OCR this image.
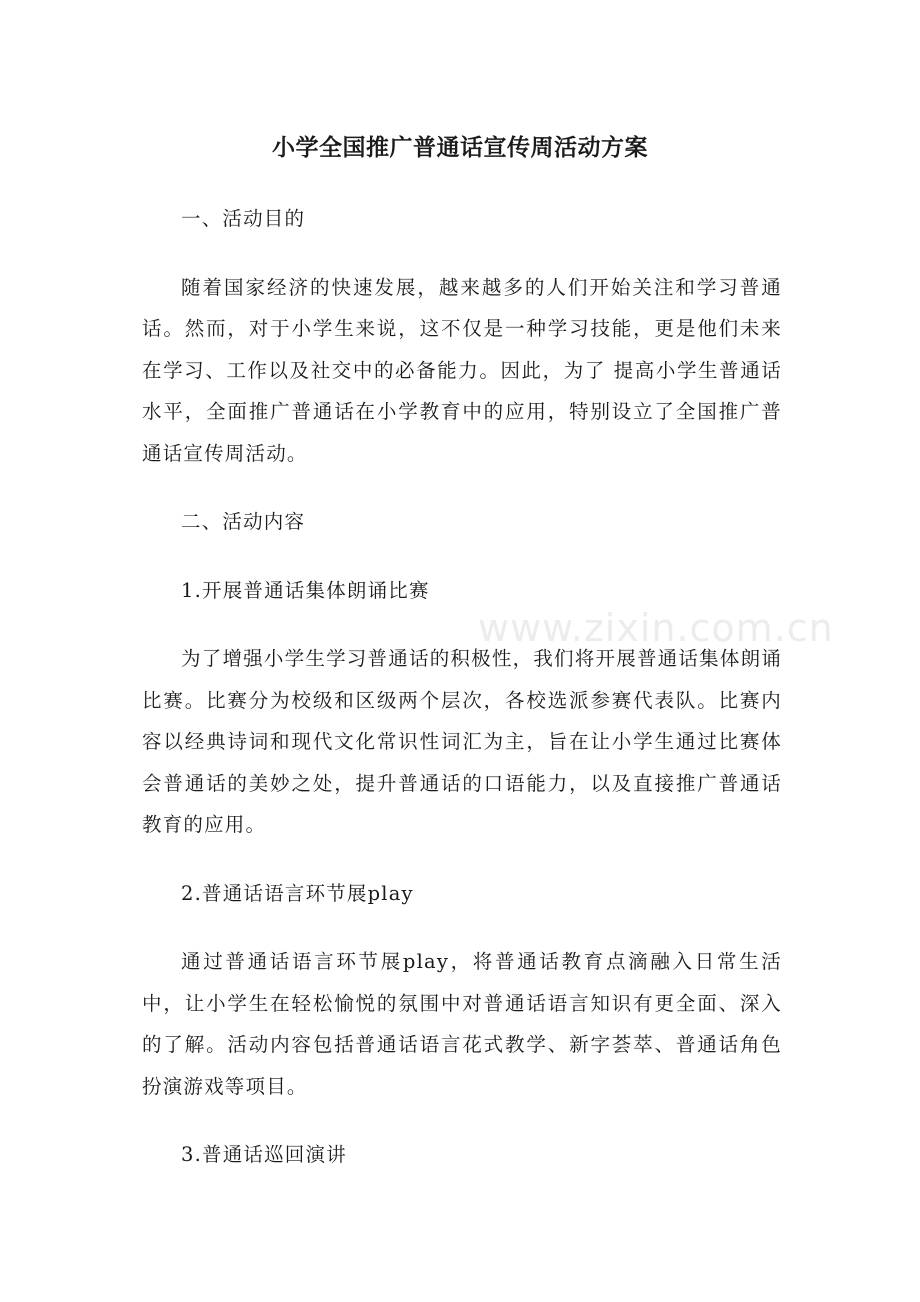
小学全国推广普通话宣传周活动方案

一、活动目的

随着国家经济的快速发展，越来越多的人们开始关注和学习普通话。然而，对于小学生来说，这不仅是一种学习技能，更是他们未来在学习、工作以及社交中的必备能力。因此，为了 提高小学生普通话水平，全面推广普通话在小学教育中的应用，特别设立了全国推广普通话宣传周活动。

二、活动内容

1.开展普通话集体朗诵比赛

为了增强小学生学习普通话的积极性，我们将开展普通话集体朗诵比赛。比赛分为校级和区级两个层次，各校选派参赛代表队。比赛内容以经典诗词和现代文化常识性词汇为主，旨在让小学生通过比赛体会普通话的美妙之处，提升普通话的口语能力，以及直接推广普通话教育的应用。

2.普通话语言环节展play

通过普通话语言环节展play，将普通话教育点滴融入日常生活中，让小学生在轻松愉悦的氛围中对普通话语言知识有更全面、深入的了解。活动内容包括普通话语言花式教学、新字荟萃、普通话角色扮演游戏等项目。

3.普通话巡回演讲

www.zixin.com.cn
